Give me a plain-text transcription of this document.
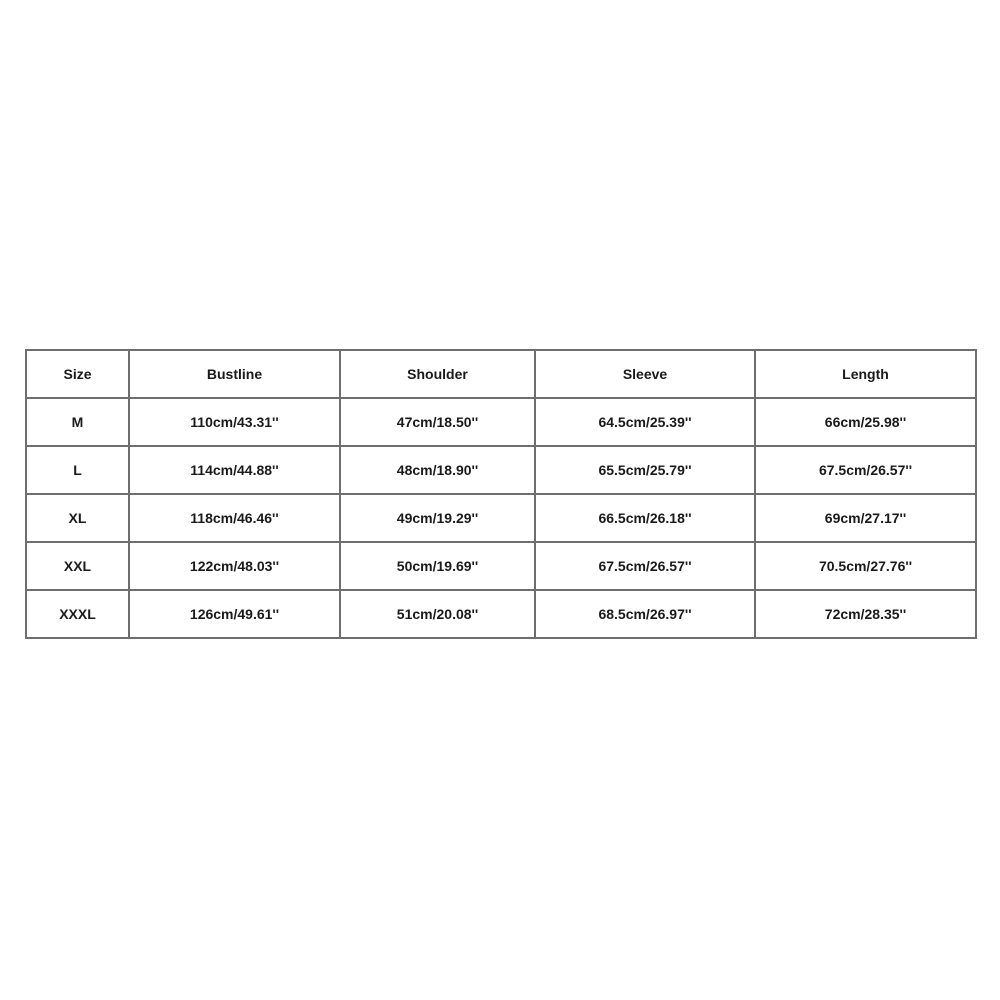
Size	Bustline	Shoulder	Sleeve	Length
M	110cm/43.31''	47cm/18.50''	64.5cm/25.39''	66cm/25.98''
L	114cm/44.88''	48cm/18.90''	65.5cm/25.79''	67.5cm/26.57''
XL	118cm/46.46''	49cm/19.29''	66.5cm/26.18''	69cm/27.17''
XXL	122cm/48.03''	50cm/19.69''	67.5cm/26.57''	70.5cm/27.76''
XXXL	126cm/49.61''	51cm/20.08''	68.5cm/26.97''	72cm/28.35''
